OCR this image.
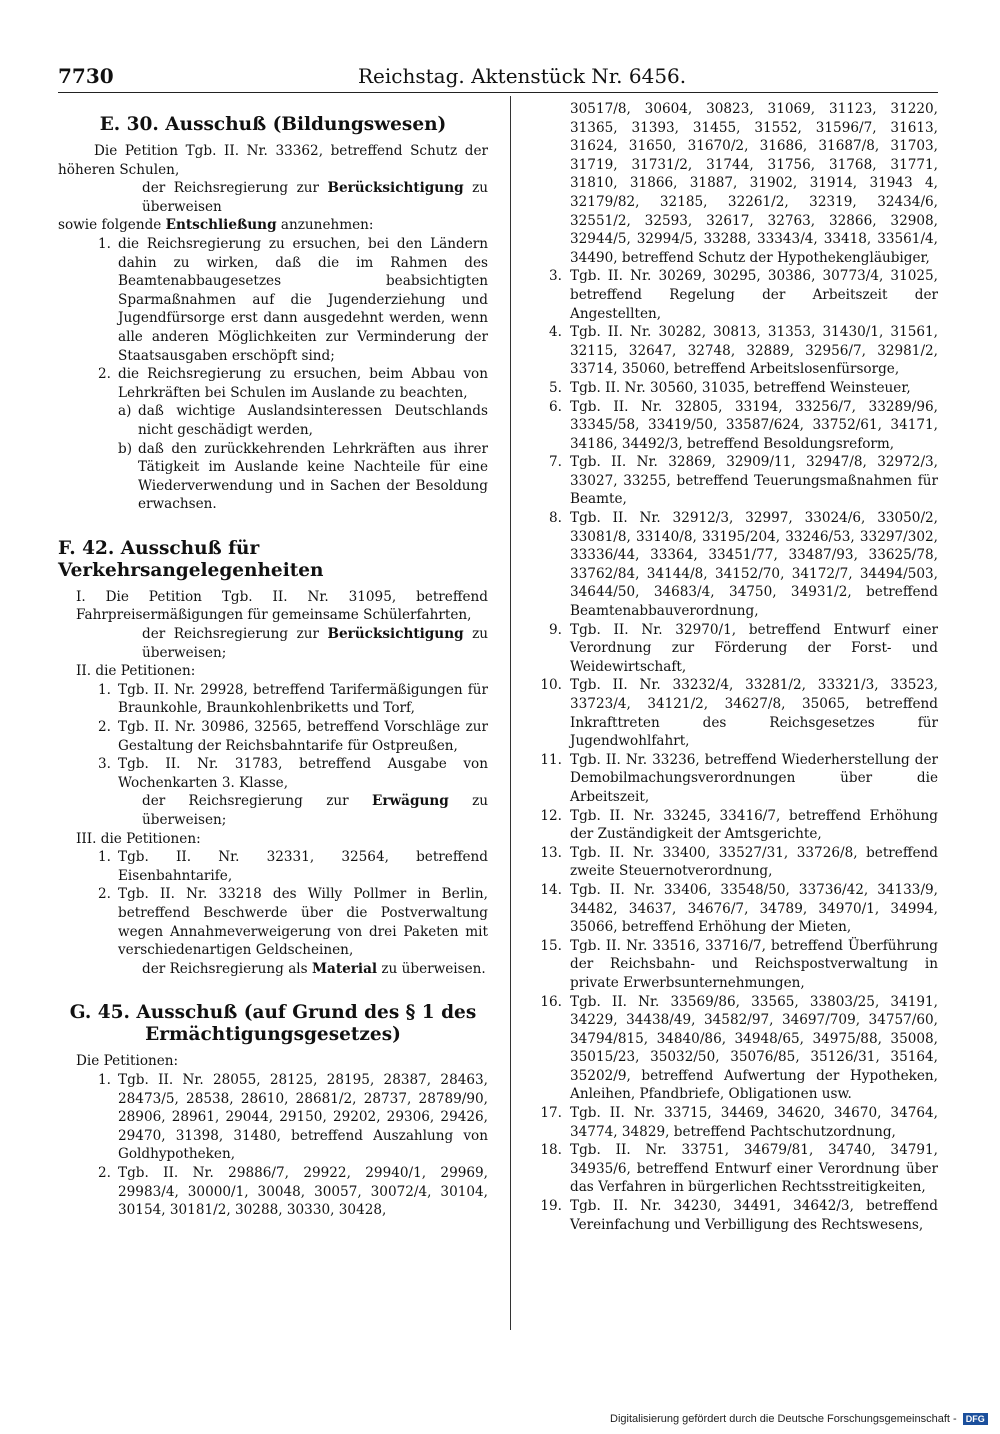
7730	Reichstag. Aktenstück Nr. 6456.
E. 30. Ausschuß (Bildungswesen)

Die Petition Tgb. II. Nr. 33362, betreffend Schutz der höheren Schulen,

der Reichsregierung zur Berücksichtigung zu überweisen

sowie folgende Entschließung anzunehmen:

1. die Reichsregierung zu ersuchen, bei den Ländern dahin zu wirken, daß die im Rahmen des Beamtenabbaugesetzes beabsichtigten Sparmaßnahmen auf die Jugenderziehung und Jugendfürsorge erst dann ausgedehnt werden, wenn alle anderen Möglichkeiten zur Verminderung der Staatsausgaben erschöpft sind;

2. die Reichsregierung zu ersuchen, beim Abbau von Lehrkräften bei Schulen im Auslande zu beachten,

a) daß wichtige Auslandsinteressen Deutschlands nicht geschädigt werden,

b) daß den zurückkehrenden Lehrkräften aus ihrer Tätigkeit im Auslande keine Nachteile für eine Wiederverwendung und in Sachen der Besoldung erwachsen.

F. 42. Ausschuß für Verkehrsangelegenheiten

I. Die Petition Tgb. II. Nr. 31095, betreffend Fahrpreisermäßigungen für gemeinsame Schülerfahrten,

der Reichsregierung zur Berücksichtigung zu überweisen;

II. die Petitionen:

1. Tgb. II. Nr. 29928, betreffend Tarifermäßigungen für Braunkohle, Braunkohlenbriketts und Torf,

2. Tgb. II. Nr. 30986, 32565, betreffend Vorschläge zur Gestaltung der Reichsbahntarife für Ostpreußen,

3. Tgb. II. Nr. 31783, betreffend Ausgabe von Wochenkarten 3. Klasse,

der Reichsregierung zur Erwägung zu überweisen;

III. die Petitionen:

1. Tgb. II. Nr. 32331, 32564, betreffend Eisenbahntarife,

2. Tgb. II. Nr. 33218 des Willy Pollmer in Berlin, betreffend Beschwerde über die Postverwaltung wegen Annahmeverweigerung von drei Paketen mit verschiedenartigen Geldscheinen,

der Reichsregierung als Material zu überweisen.

G. 45. Ausschuß (auf Grund des § 1 des Ermächtigungsgesetzes)

Die Petitionen:

1. Tgb. II. Nr. 28055, 28125, 28195, 28387, 28463, 28473/5, 28538, 28610, 28681/2, 28737, 28789/90, 28906, 28961, 29044, 29150, 29202, 29306, 29426, 29470, 31398, 31480, betreffend Auszahlung von Goldhypotheken,

2. Tgb. II. Nr. 29886/7, 29922, 29940/1, 29969, 29983/4, 30000/1, 30048, 30057, 30072/4, 30104, 30154, 30181/2, 30288, 30330, 30428,

30517/8, 30604, 30823, 31069, 31123, 31220, 31365, 31393, 31455, 31552, 31596/7, 31613, 31624, 31650, 31670/2, 31686, 31687/8, 31703, 31719, 31731/2, 31744, 31756, 31768, 31771, 31810, 31866, 31887, 31902, 31914, 31943 4, 32179/82, 32185, 32261/2, 32319, 32434/6, 32551/2, 32593, 32617, 32763, 32866, 32908, 32944/5, 32994/5, 33288, 33343/4, 33418, 33561/4, 34490, betreffend Schutz der Hypothekengläubiger,

3. Tgb. II. Nr. 30269, 30295, 30386, 30773/4, 31025, betreffend Regelung der Arbeitszeit der Angestellten,

4. Tgb. II. Nr. 30282, 30813, 31353, 31430/1, 31561, 32115, 32647, 32748, 32889, 32956/7, 32981/2, 33714, 35060, betreffend Arbeitslosenfürsorge,

5. Tgb. II. Nr. 30560, 31035, betreffend Weinsteuer,

6. Tgb. II. Nr. 32805, 33194, 33256/7, 33289/96, 33345/58, 33419/50, 33587/624, 33752/61, 34171, 34186, 34492/3, betreffend Besoldungsreform,

7. Tgb. II. Nr. 32869, 32909/11, 32947/8, 32972/3, 33027, 33255, betreffend Teuerungsmaßnahmen für Beamte,

8. Tgb. II. Nr. 32912/3, 32997, 33024/6, 33050/2, 33081/8, 33140/8, 33195/204, 33246/53, 33297/302, 33336/44, 33364, 33451/77, 33487/93, 33625/78, 33762/84, 34144/8, 34152/70, 34172/7, 34494/503, 34644/50, 34683/4, 34750, 34931/2, betreffend Beamtenabbauverordnung,

9. Tgb. II. Nr. 32970/1, betreffend Entwurf einer Verordnung zur Förderung der Forst- und Weidewirtschaft,

10. Tgb. II. Nr. 33232/4, 33281/2, 33321/3, 33523, 33723/4, 34121/2, 34627/8, 35065, betreffend Inkrafttreten des Reichsgesetzes für Jugendwohlfahrt,

11. Tgb. II. Nr. 33236, betreffend Wiederherstellung der Demobilmachungsverordnungen über die Arbeitszeit,

12. Tgb. II. Nr. 33245, 33416/7, betreffend Erhöhung der Zuständigkeit der Amtsgerichte,

13. Tgb. II. Nr. 33400, 33527/31, 33726/8, betreffend zweite Steuernotverordnung,

14. Tgb. II. Nr. 33406, 33548/50, 33736/42, 34133/9, 34482, 34637, 34676/7, 34789, 34970/1, 34994, 35066, betreffend Erhöhung der Mieten,

15. Tgb. II. Nr. 33516, 33716/7, betreffend Überführung der Reichsbahn- und Reichspostverwaltung in private Erwerbsunternehmungen,

16. Tgb. II. Nr. 33569/86, 33565, 33803/25, 34191, 34229, 34438/49, 34582/97, 34697/709, 34757/60, 34794/815, 34840/86, 34948/65, 34975/88, 35008, 35015/23, 35032/50, 35076/85, 35126/31, 35164, 35202/9, betreffend Aufwertung der Hypotheken, Anleihen, Pfandbriefe, Obligationen usw.

17. Tgb. II. Nr. 33715, 34469, 34620, 34670, 34764, 34774, 34829, betreffend Pachtschutzordnung,

18. Tgb. II. Nr. 33751, 34679/81, 34740, 34791, 34935/6, betreffend Entwurf einer Verordnung über das Verfahren in bürgerlichen Rechtsstreitigkeiten,

19. Tgb. II. Nr. 34230, 34491, 34642/3, betreffend Vereinfachung und Verbilligung des Rechtswesens,

Digitalisierung gefördert durch die Deutsche Forschungsgemeinschaft - DFG
